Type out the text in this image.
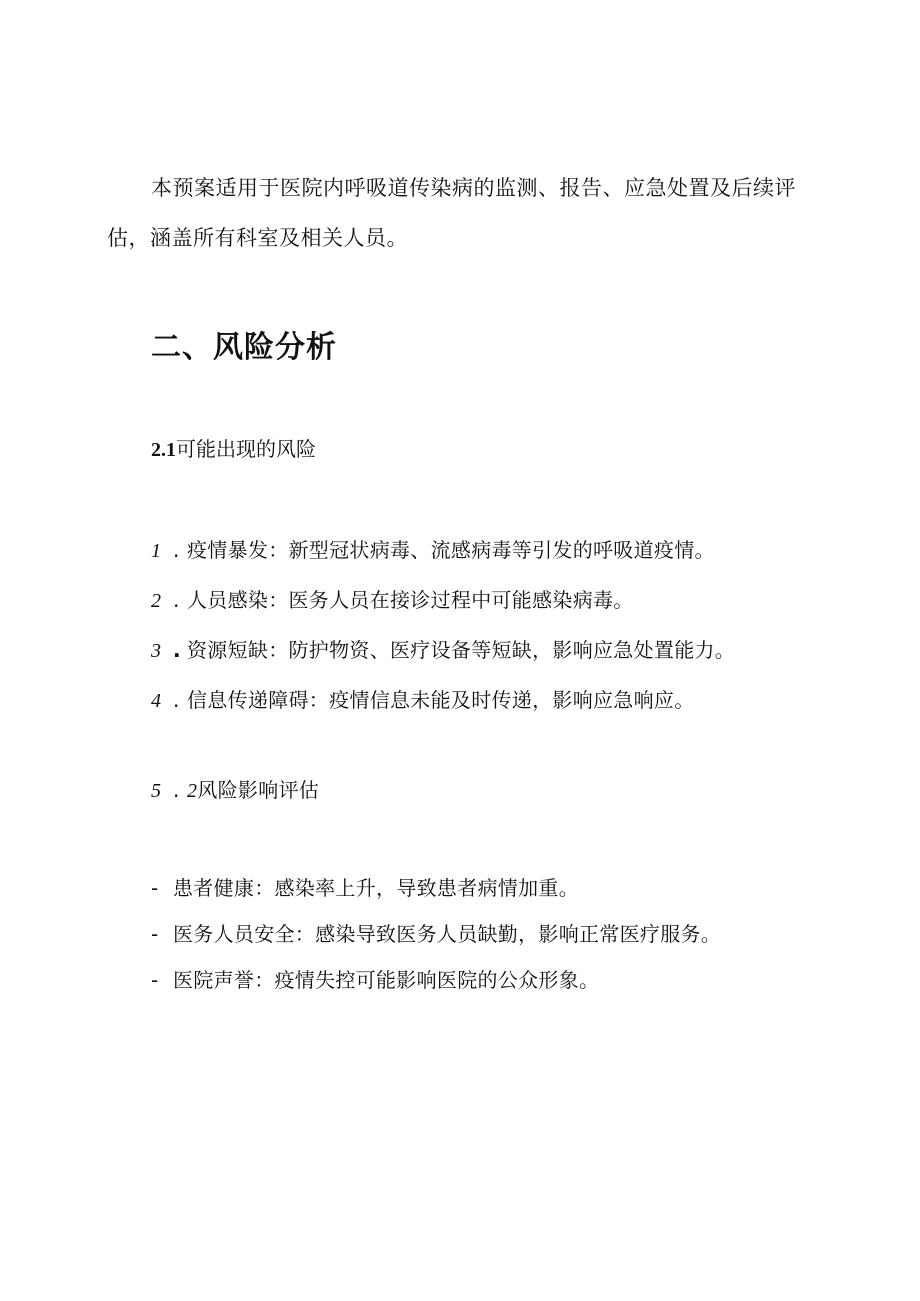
本预案适用于医院内呼吸道传染病的监测、报告、应急处置及后续评估，涵盖所有科室及相关人员。

二、风险分析

2.1可能出现的风险

1 . 疫情暴发：新型冠状病毒、流感病毒等引发的呼吸道疫情。

2 . 人员感染：医务人员在接诊过程中可能感染病毒。

3 . 资源短缺：防护物资、医疗设备等短缺，影响应急处置能力。

4 . 信息传递障碍：疫情信息未能及时传递，影响应急响应。

5 . 2风险影响评估

- 患者健康：感染率上升，导致患者病情加重。

- 医务人员安全：感染导致医务人员缺勤，影响正常医疗服务。

- 医院声誉：疫情失控可能影响医院的公众形象。
